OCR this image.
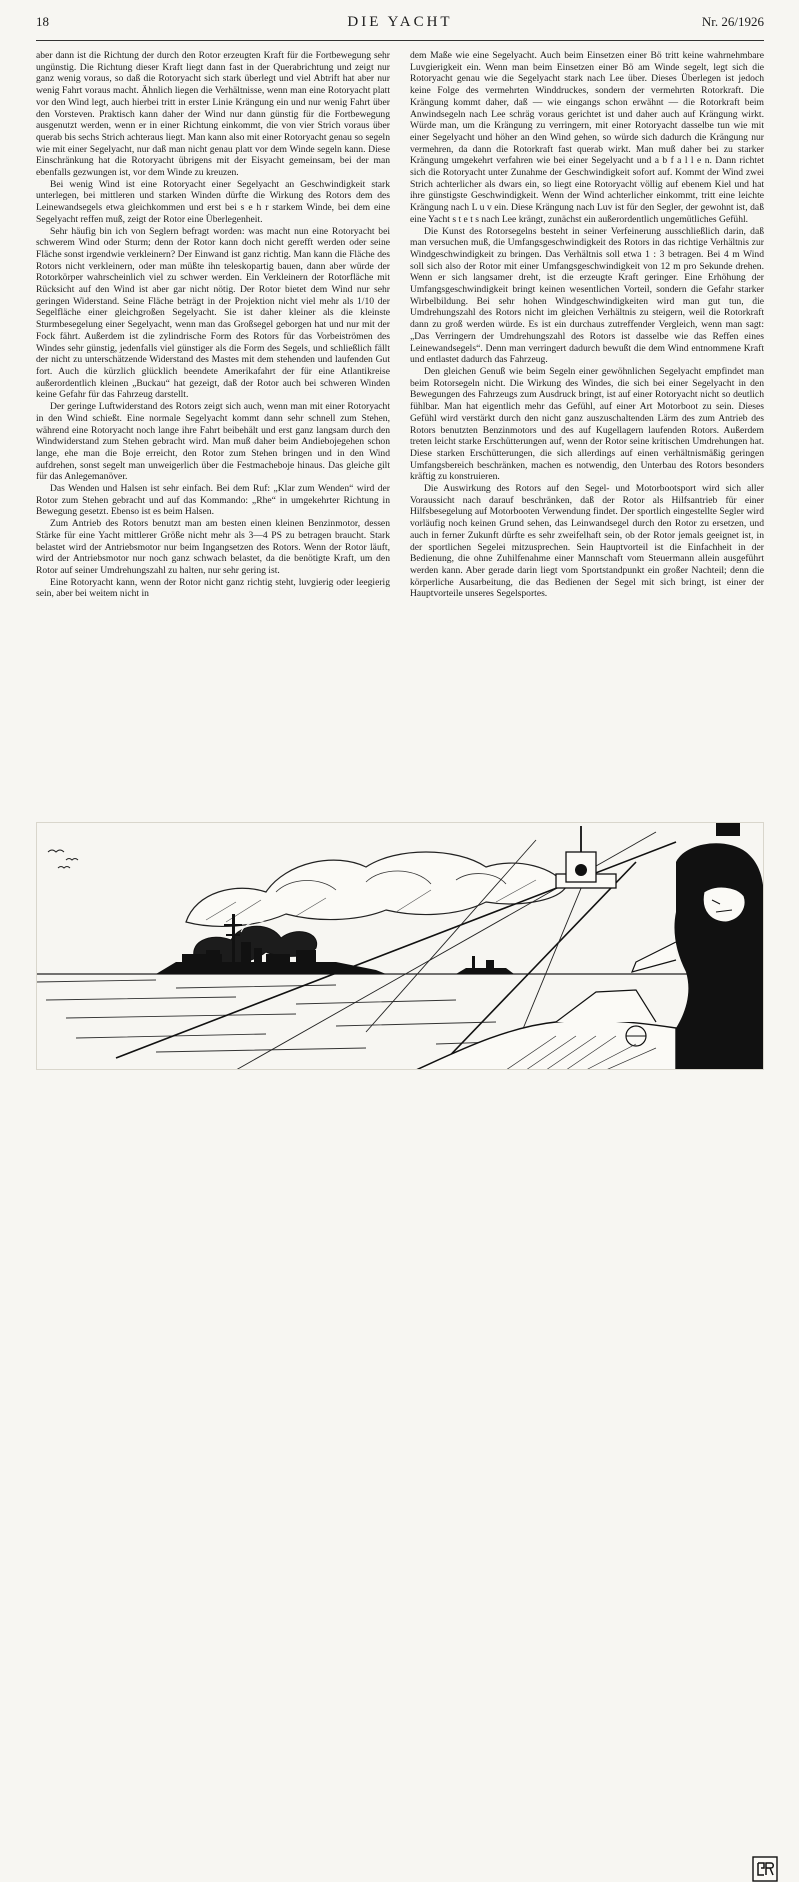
18	DIE YACHT	Nr. 26/1926

aber dann ist die Richtung der durch den Rotor erzeugten Kraft für die Fortbewegung sehr ungünstig. Die Richtung dieser Kraft liegt dann fast in der Querabrichtung und zeigt nur ganz wenig voraus, so daß die Rotoryacht sich stark überlegt und viel Abtrift hat aber nur wenig Fahrt voraus macht. Ähnlich liegen die Verhältnisse, wenn man eine Rotoryacht platt vor den Wind legt, auch hierbei tritt in erster Linie Krängung ein und nur wenig Fahrt über den Vorsteven. Praktisch kann daher der Wind nur dann günstig für die Fortbewegung ausgenutzt werden, wenn er in einer Richtung einkommt, die von vier Strich voraus über querab bis sechs Strich achteraus liegt. Man kann also mit einer Rotoryacht genau so segeln wie mit einer Segelyacht, nur daß man nicht genau platt vor dem Winde segeln kann. Diese Einschränkung hat die Rotoryacht übrigens mit der Eisyacht gemeinsam, bei der man ebenfalls gezwungen ist, vor dem Winde zu kreuzen.

Bei wenig Wind ist eine Rotoryacht einer Segelyacht an Geschwindigkeit stark unterlegen, bei mittleren und starken Winden dürfte die Wirkung des Rotors dem des Leinewandsegels etwa gleichkommen und erst bei s e h r starkem Winde, bei dem eine Segelyacht reffen muß, zeigt der Rotor eine Überlegenheit.

Sehr häufig bin ich von Seglern befragt worden: was macht nun eine Rotoryacht bei schwerem Wind oder Sturm; denn der Rotor kann doch nicht gerefft werden oder seine Fläche sonst irgendwie verkleinern? Der Einwand ist ganz richtig. Man kann die Fläche des Rotors nicht verkleinern, oder man müßte ihn teleskopartig bauen, dann aber würde der Rotorkörper wahrscheinlich viel zu schwer werden. Ein Verkleinern der Rotorfläche mit Rücksicht auf den Wind ist aber gar nicht nötig. Der Rotor bietet dem Wind nur sehr geringen Widerstand. Seine Fläche beträgt in der Projektion nicht viel mehr als 1/10 der Segelfläche einer gleichgroßen Segelyacht. Sie ist daher kleiner als die kleinste Sturmbesegelung einer Segelyacht, wenn man das Großsegel geborgen hat und nur mit der Fock fährt. Außerdem ist die zylindrische Form des Rotors für das Vorbeiströmen des Windes sehr günstig, jedenfalls viel günstiger als die Form des Segels, und schließlich fällt der nicht zu unterschätzende Widerstand des Mastes mit dem stehenden und laufenden Gut fort. Auch die kürzlich glücklich beendete Amerikafahrt der für eine Atlantikreise außerordentlich kleinen „Buckau“ hat gezeigt, daß der Rotor auch bei schweren Winden keine Gefahr für das Fahrzeug darstellt.

Der geringe Luftwiderstand des Rotors zeigt sich auch, wenn man mit einer Rotoryacht in den Wind schießt. Eine normale Segelyacht kommt dann sehr schnell zum Stehen, während eine Rotoryacht noch lange ihre Fahrt beibehält und erst ganz langsam durch den Windwiderstand zum Stehen gebracht wird. Man muß daher beim Andiebojegehen schon lange, ehe man die Boje erreicht, den Rotor zum Stehen bringen und in den Wind aufdrehen, sonst segelt man unweigerlich über die Festmacheboje hinaus. Das gleiche gilt für das Anlegemanöver.

Das Wenden und Halsen ist sehr einfach. Bei dem Ruf: „Klar zum Wenden“ wird der Rotor zum Stehen gebracht und auf das Kommando: „Rhe“ in umgekehrter Richtung in Bewegung gesetzt. Ebenso ist es beim Halsen.

Zum Antrieb des Rotors benutzt man am besten einen kleinen Benzinmotor, dessen Stärke für eine Yacht mittlerer Größe nicht mehr als 3—4 PS zu betragen braucht. Stark belastet wird der Antriebsmotor nur beim Ingangsetzen des Rotors. Wenn der Rotor läuft, wird der Antriebsmotor nur noch ganz schwach belastet, da die benötigte Kraft, um den Rotor auf seiner Umdrehungszahl zu halten, nur sehr gering ist.

Eine Rotoryacht kann, wenn der Rotor nicht ganz richtig steht, luvgierig oder leegierig sein, aber bei weitem nicht in

dem Maße wie eine Segelyacht. Auch beim Einsetzen einer Bö tritt keine wahrnehmbare Luvgierigkeit ein. Wenn man beim Einsetzen einer Bö am Winde segelt, legt sich die Rotoryacht genau wie die Segelyacht stark nach Lee über. Dieses Überlegen ist jedoch keine Folge des vermehrten Winddruckes, sondern der vermehrten Rotorkraft. Die Krängung kommt daher, daß — wie eingangs schon erwähnt — die Rotorkraft beim Anwindsegeln nach Lee schräg voraus gerichtet ist und daher auch auf Krängung wirkt. Würde man, um die Krängung zu verringern, mit einer Rotoryacht dasselbe tun wie mit einer Segelyacht und höher an den Wind gehen, so würde sich dadurch die Krängung nur vermehren, da dann die Rotorkraft fast querab wirkt. Man muß daher bei zu starker Krängung umgekehrt verfahren wie bei einer Segelyacht und a b f a l l e n. Dann richtet sich die Rotoryacht unter Zunahme der Geschwindigkeit sofort auf. Kommt der Wind zwei Strich achterlicher als dwars ein, so liegt eine Rotoryacht völlig auf ebenem Kiel und hat ihre günstigste Geschwindigkeit. Wenn der Wind achterlicher einkommt, tritt eine leichte Krängung nach L u v ein. Diese Krängung nach Luv ist für den Segler, der gewohnt ist, daß eine Yacht s t e t s nach Lee krängt, zunächst ein außerordentlich ungemütliches Gefühl.

Die Kunst des Rotorsegelns besteht in seiner Verfeinerung ausschließlich darin, daß man versuchen muß, die Umfangsgeschwindigkeit des Rotors in das richtige Verhältnis zur Windgeschwindigkeit zu bringen. Das Verhältnis soll etwa 1 : 3 betragen. Bei 4 m Wind soll sich also der Rotor mit einer Umfangsgeschwindigkeit von 12 m pro Sekunde drehen. Wenn er sich langsamer dreht, ist die erzeugte Kraft geringer. Eine Erhöhung der Umfangsgeschwindigkeit bringt keinen wesentlichen Vorteil, sondern die Gefahr starker Wirbelbildung. Bei sehr hohen Windgeschwindigkeiten wird man gut tun, die Umdrehungszahl des Rotors nicht im gleichen Verhältnis zu steigern, weil die Rotorkraft dann zu groß werden würde. Es ist ein durchaus zutreffender Vergleich, wenn man sagt: „Das Verringern der Umdrehungszahl des Rotors ist dasselbe wie das Reffen eines Leinewandsegels“. Denn man verringert dadurch bewußt die dem Wind entnommene Kraft und entlastet dadurch das Fahrzeug.

Den gleichen Genuß wie beim Segeln einer gewöhnlichen Segelyacht empfindet man beim Rotorsegeln nicht. Die Wirkung des Windes, die sich bei einer Segelyacht in den Bewegungen des Fahrzeugs zum Ausdruck bringt, ist auf einer Rotoryacht nicht so deutlich fühlbar. Man hat eigentlich mehr das Gefühl, auf einer Art Motorboot zu sein. Dieses Gefühl wird verstärkt durch den nicht ganz auszuschaltenden Lärm des zum Antrieb des Rotors benutzten Benzinmotors und des auf Kugellagern laufenden Rotors. Außerdem treten leicht starke Erschütterungen auf, wenn der Rotor seine kritischen Umdrehungen hat. Diese starken Erschütterungen, die sich allerdings auf einen verhältnismäßig geringen Umfangsbereich beschränken, machen es notwendig, den Unterbau des Rotors besonders kräftig zu konstruieren.

Die Auswirkung des Rotors auf den Segel- und Motorbootsport wird sich aller Voraussicht nach darauf beschränken, daß der Rotor als Hilfsantrieb für einer Hilfsbesegelung auf Motorbooten Verwendung findet. Der sportlich eingestellte Segler wird vorläufig noch keinen Grund sehen, das Leinwandsegel durch den Rotor zu ersetzen, und auch in ferner Zukunft dürfte es sehr zweifelhaft sein, ob der Rotor jemals geeignet ist, in der sportlichen Segelei mitzusprechen. Sein Hauptvorteil ist die Einfachheit in der Bedienung, die ohne Zuhilfenahme einer Mannschaft vom Steuermann allein ausgeführt werden kann. Aber gerade darin liegt vom Sportstandpunkt ein großer Nachteil; denn die körperliche Ausarbeitung, die das Bedienen der Segel mit sich bringt, ist einer der Hauptvorteile unseres Segelsportes.
